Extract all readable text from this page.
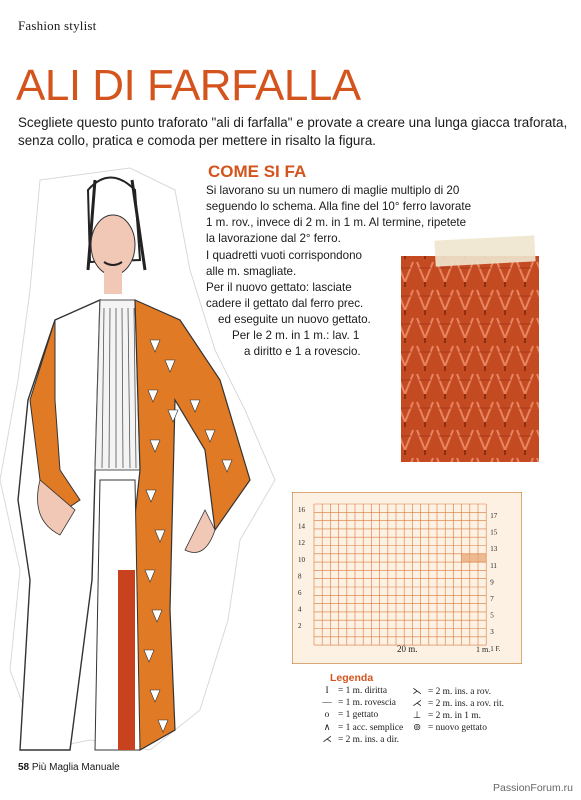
Fashion stylist
ALI DI FARFALLA
Scegliete questo punto traforato "ali di farfalla" e provate a creare una lunga giacca traforata, senza collo, pratica e comoda per mettere in risalto la figura.
COME SI FA
Si lavorano su un numero di maglie multiplo di 20
seguendo lo schema. Alla fine del 10° ferro lavorate
1 m. rov., invece di 2 m. in 1 m. Al termine, ripetete
la lavorazione dal 2° ferro.
I quadretti vuoti corrispondono
alle m. smagliate.
Per il nuovo gettato: lasciate
cadere il gettato dal ferro prec.
ed eseguite un nuovo gettato.
Per le 2 m. in 1 m.: lav. 1
a diritto e 1 a rovescio.
20 m.	1 m.
16
14
12
10
8
6
4
2
17
15
13
11
9
7
5
3
1 F.
Legenda
I = 1 m. diritta
— = 1 m. rovescia
o = 1 gettato
∧ = 1 acc. semplice
⋌ = 2 m. ins. a dir.
⋋ = 2 m. ins. a rov.
⋌ = 2 m. ins. a rov. rit.
⊥ = 2 m. in 1 m.
⊚ = nuovo gettato
58 Più Maglia Manuale
PassionForum.ru
